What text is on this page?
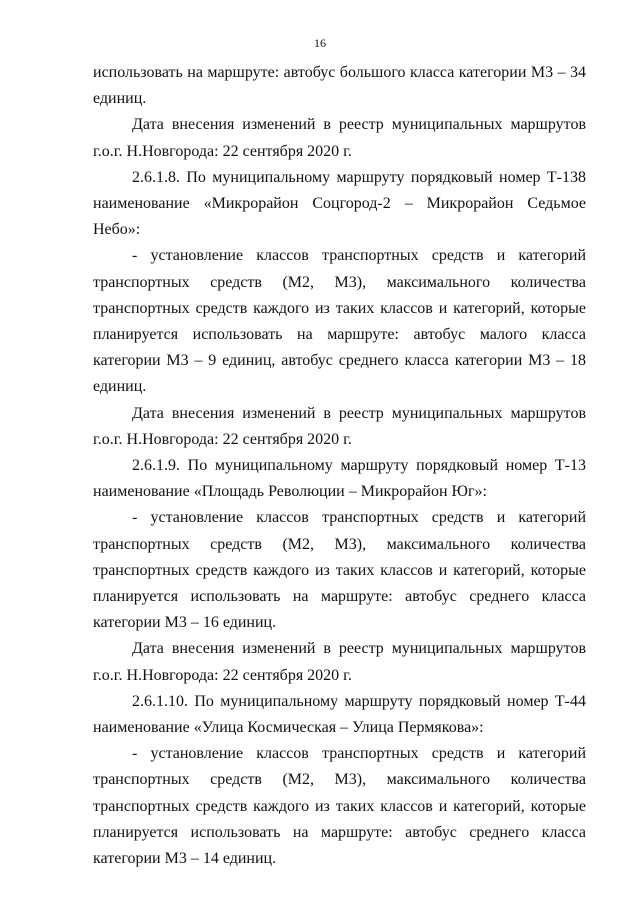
16

использовать на маршруте: автобус большого класса категории М3 – 34 единиц.

Дата внесения изменений в реестр муниципальных маршрутов г.о.г. Н.Новгорода: 22 сентября 2020 г.

2.6.1.8. По муниципальному маршруту порядковый номер Т-138 наименование «Микрорайон Соцгород-2 – Микрорайон Седьмое Небо»:

- установление классов транспортных средств и категорий транспортных средств (М2, М3), максимального количества транспортных средств каждого из таких классов и категорий, которые планируется использовать на маршруте: автобус малого класса категории М3 – 9 единиц, автобус среднего класса категории М3 – 18 единиц.

Дата внесения изменений в реестр муниципальных маршрутов г.о.г. Н.Новгорода: 22 сентября 2020 г.

2.6.1.9. По муниципальному маршруту порядковый номер Т-13 наименование «Площадь Революции – Микрорайон Юг»:

- установление классов транспортных средств и категорий транспортных средств (М2, М3), максимального количества транспортных средств каждого из таких классов и категорий, которые планируется использовать на маршруте: автобус среднего класса категории М3 – 16 единиц.

Дата внесения изменений в реестр муниципальных маршрутов г.о.г. Н.Новгорода: 22 сентября 2020 г.

2.6.1.10. По муниципальному маршруту порядковый номер Т-44 наименование «Улица Космическая – Улица Пермякова»:

- установление классов транспортных средств и категорий транспортных средств (М2, М3), максимального количества транспортных средств каждого из таких классов и категорий, которые планируется использовать на маршруте: автобус среднего класса категории М3 – 14 единиц.
